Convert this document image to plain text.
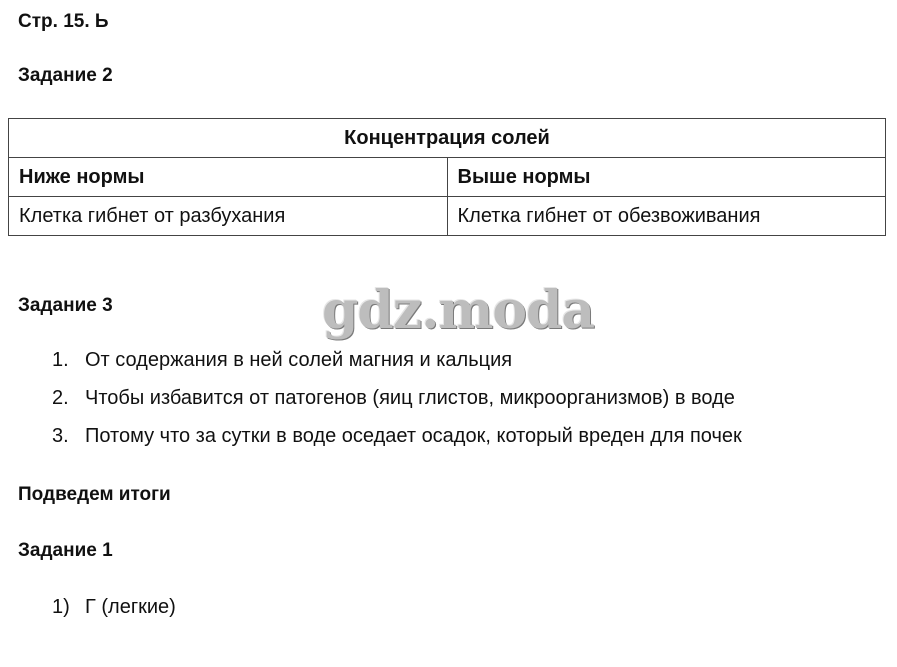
Стр. 15. Ь
Задание 2
Концентрация солей	
Ниже нормы	Выше нормы
Клетка гибнет от разбухания	Клетка гибнет от обезвоживания
Задание 3	gdz.moda
1. От содержания в ней солей магния и кальция
2. Чтобы избавится от патогенов (яиц глистов, микроорганизмов) в воде
3. Потому что за сутки в воде оседает осадок, который вреден для почек
Подведем итоги
Задание 1
1) Г (легкие)
